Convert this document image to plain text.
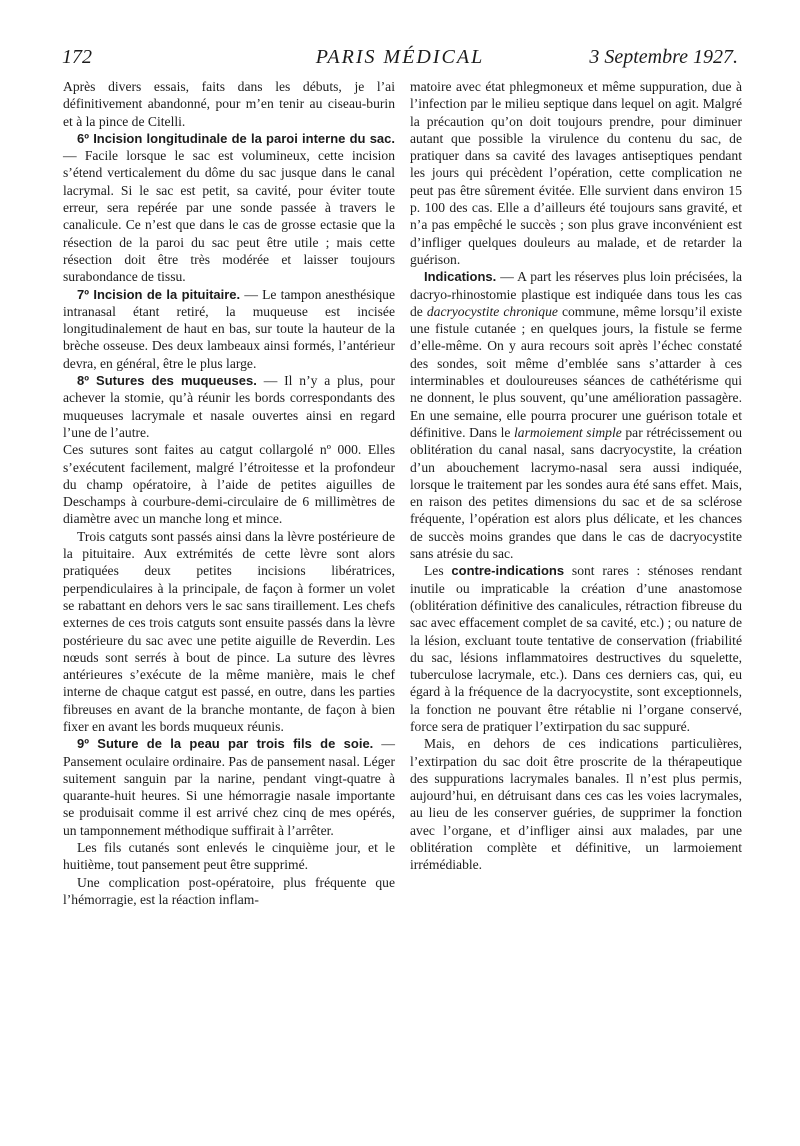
172	PARIS MÉDICAL	3 Septembre 1927.

Après divers essais, faits dans les débuts, je l’ai définitivement abandonné, pour m’en tenir au ciseau-burin et à la pince de Citelli.

6º Incision longitudinale de la paroi interne du sac. — Facile lorsque le sac est volumineux, cette incision s’étend verticalement du dôme du sac jusque dans le canal lacrymal. Si le sac est petit, sa cavité, pour éviter toute erreur, sera repérée par une sonde passée à travers le canalicule. Ce n’est que dans le cas de grosse ectasie que la résection de la paroi du sac peut être utile ; mais cette résection doit être très modérée et laisser toujours surabondance de tissu.

7º Incision de la pituitaire. — Le tampon anesthésique intranasal étant retiré, la muqueuse est incisée longitudinalement de haut en bas, sur toute la hauteur de la brèche osseuse. Des deux lambeaux ainsi formés, l’antérieur devra, en général, être le plus large.

8º Sutures des muqueuses. — Il n’y a plus, pour achever la stomie, qu’à réunir les bords correspondants des muqueuses lacrymale et nasale ouvertes ainsi en regard l’une de l’autre.

Ces sutures sont faites au catgut collargolé nº 000. Elles s’exécutent facilement, malgré l’étroitesse et la profondeur du champ opératoire, à l’aide de petites aiguilles de Deschamps à courbure-demi-circulaire de 6 millimètres de diamètre avec un manche long et mince.

Trois catguts sont passés ainsi dans la lèvre postérieure de la pituitaire. Aux extrémités de cette lèvre sont alors pratiquées deux petites incisions libératrices, perpendiculaires à la principale, de façon à former un volet se rabattant en dehors vers le sac sans tiraillement. Les chefs externes de ces trois catguts sont ensuite passés dans la lèvre postérieure du sac avec une petite aiguille de Reverdin. Les nœuds sont serrés à bout de pince. La suture des lèvres antérieures s’exécute de la même manière, mais le chef interne de chaque catgut est passé, en outre, dans les parties fibreuses en avant de la branche montante, de façon à bien fixer en avant les bords muqueux réunis.

9º Suture de la peau par trois fils de soie. — Pansement oculaire ordinaire. Pas de pansement nasal. Léger suitement sanguin par la narine, pendant vingt-quatre à quarante-huit heures. Si une hémorragie nasale importante se produisait comme il est arrivé chez cinq de mes opérés, un tamponnement méthodique suffirait à l’arrêter.

Les fils cutanés sont enlevés le cinquième jour, et le huitième, tout pansement peut être supprimé.

Une complication post-opératoire, plus fréquente que l’hémorragie, est la réaction inflam-

matoire avec état phlegmoneux et même suppuration, due à l’infection par le milieu septique dans lequel on agit. Malgré la précaution qu’on doit toujours prendre, pour diminuer autant que possible la virulence du contenu du sac, de pratiquer dans sa cavité des lavages antiseptiques pendant les jours qui précèdent l’opération, cette complication ne peut pas être sûrement évitée. Elle survient dans environ 15 p. 100 des cas. Elle a d’ailleurs été toujours sans gravité, et n’a pas empêché le succès ; son plus grave inconvénient est d’infliger quelques douleurs au malade, et de retarder la guérison.

Indications. — A part les réserves plus loin précisées, la dacryo-rhinostomie plastique est indiquée dans tous les cas de dacryocystite chronique commune, même lorsqu’il existe une fistule cutanée ; en quelques jours, la fistule se ferme d’elle-même. On y aura recours soit après l’échec constaté des sondes, soit même d’emblée sans s’attarder à ces interminables et douloureuses séances de cathétérisme qui ne donnent, le plus souvent, qu’une amélioration passagère. En une semaine, elle pourra procurer une guérison totale et définitive. Dans le larmoiement simple par rétrécissement ou oblitération du canal nasal, sans dacryocystite, la création d’un abouchement lacrymo-nasal sera aussi indiquée, lorsque le traitement par les sondes aura été sans effet. Mais, en raison des petites dimensions du sac et de sa sclérose fréquente, l’opération est alors plus délicate, et les chances de succès moins grandes que dans le cas de dacryocystite sans atrésie du sac.

Les contre-indications sont rares : sténoses rendant inutile ou impraticable la création d’une anastomose (oblitération définitive des canalicules, rétraction fibreuse du sac avec effacement complet de sa cavité, etc.) ; ou nature de la lésion, excluant toute tentative de conservation (friabilité du sac, lésions inflammatoires destructives du squelette, tuberculose lacrymale, etc.). Dans ces derniers cas, qui, eu égard à la fréquence de la dacryocystite, sont exceptionnels, la fonction ne pouvant être rétablie ni l’organe conservé, force sera de pratiquer l’extirpation du sac suppuré.

Mais, en dehors de ces indications particulières, l’extirpation du sac doit être proscrite de la thérapeutique des suppurations lacrymales banales. Il n’est plus permis, aujourd’hui, en détruisant dans ces cas les voies lacrymales, au lieu de les conserver guéries, de supprimer la fonction avec l’organe, et d’infliger ainsi aux malades, par une oblitération complète et définitive, un larmoiement irrémédiable.
